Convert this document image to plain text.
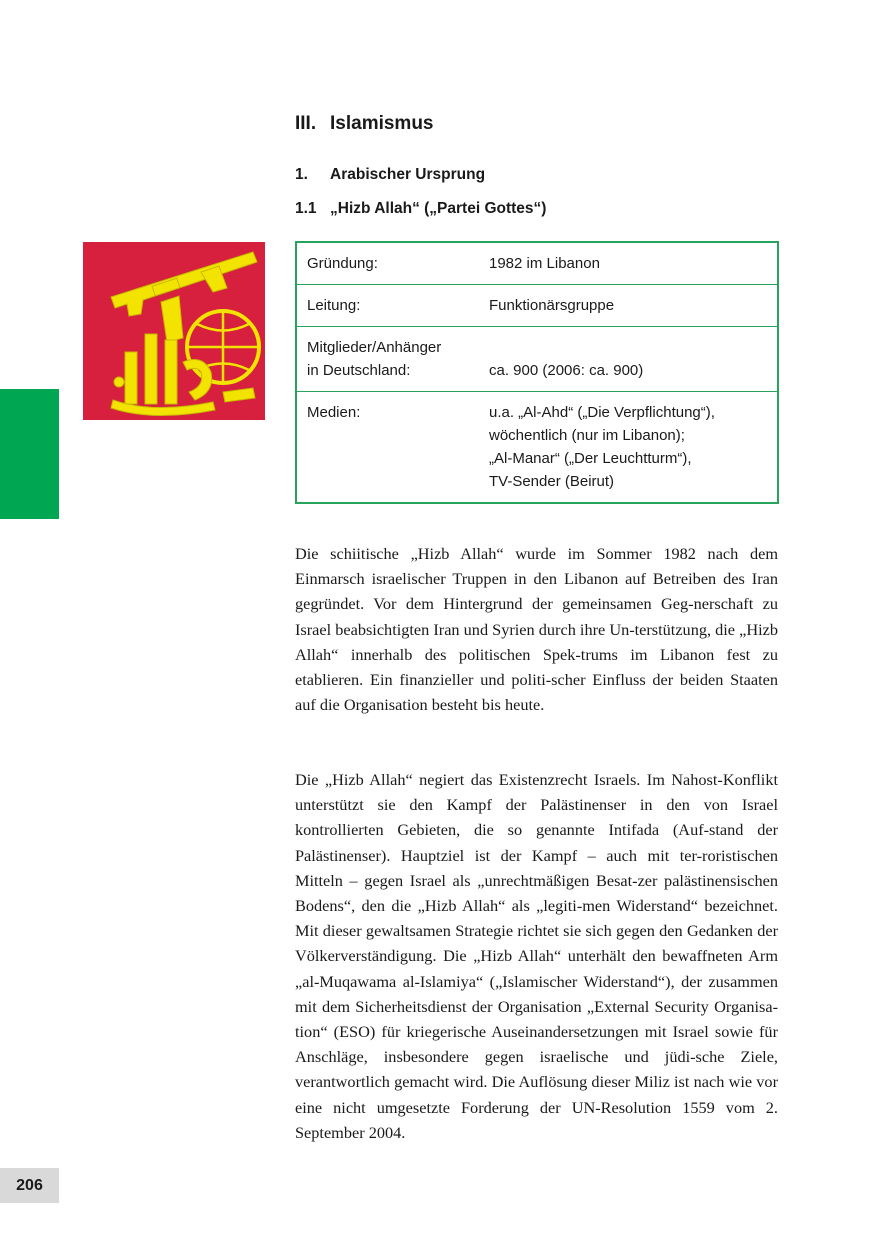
III. Islamismus
1. Arabischer Ursprung
1.1 „Hizb Allah“ („Partei Gottes“)
Gründung:	1982 im Libanon
Leitung:	Funktionärsgruppe
Mitglieder/Anhänger
in Deutschland:	ca. 900 (2006: ca. 900)
Medien:	u.a. „Al-Ahd“ („Die Verpflichtung“),
wöchentlich (nur im Libanon);
„Al-Manar“ („Der Leuchtturm“),
TV-Sender (Beirut)

Die schiitische „Hizb Allah“ wurde im Sommer 1982 nach dem Einmarsch israelischer Truppen in den Libanon auf Betreiben des Iran gegründet. Vor dem Hintergrund der gemeinsamen Geg-nerschaft zu Israel beabsichtigten Iran und Syrien durch ihre Un-terstützung, die „Hizb Allah“ innerhalb des politischen Spek-trums im Libanon fest zu etablieren. Ein finanzieller und politi-scher Einfluss der beiden Staaten auf die Organisation besteht bis heute.

Die „Hizb Allah“ negiert das Existenzrecht Israels. Im Nahost-Konflikt unterstützt sie den Kampf der Palästinenser in den von Israel kontrollierten Gebieten, die so genannte Intifada (Auf-stand der Palästinenser). Hauptziel ist der Kampf – auch mit ter-roristischen Mitteln – gegen Israel als „unrechtmäßigen Besat-zer palästinensischen Bodens“, den die „Hizb Allah“ als „legiti-men Widerstand“ bezeichnet. Mit dieser gewaltsamen Strategie richtet sie sich gegen den Gedanken der Völkerverständigung. Die „Hizb Allah“ unterhält den bewaffneten Arm „al-Muqawama al-Islamiya“ („Islamischer Widerstand“), der zusammen mit dem Sicherheitsdienst der Organisation „External Security Organisa-tion“ (ESO) für kriegerische Auseinandersetzungen mit Israel sowie für Anschläge, insbesondere gegen israelische und jüdi-sche Ziele, verantwortlich gemacht wird. Die Auflösung dieser Miliz ist nach wie vor eine nicht umgesetzte Forderung der UN-Resolution 1559 vom 2. September 2004.

206
